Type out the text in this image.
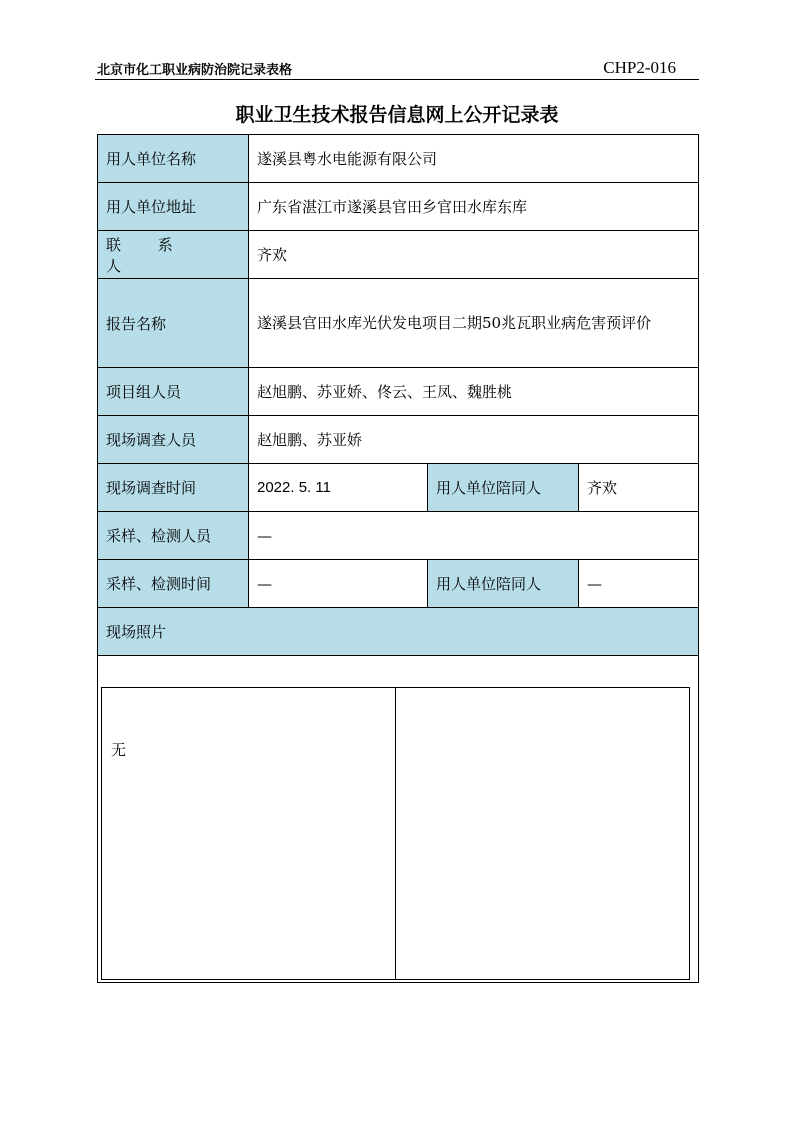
北京市化工职业病防治院记录表格	CHP2-016
职业卫生技术报告信息网上公开记录表
用人单位名称	遂溪县粤水电能源有限公司		
用人单位地址	广东省湛江市遂溪县官田乡官田水库东库		
联 系 人	齐欢		
报告名称	遂溪县官田水库光伏发电项目二期50兆瓦职业病危害预评价		
项目组人员	赵旭鹏、苏亚娇、佟云、王凤、魏胜桃		
现场调查人员	赵旭鹏、苏亚娇		
现场调查时间	2022. 5. 11	用人单位陪同人	齐欢
采样、检测人员	—		
采样、检测时间	—	用人单位陪同人	—
现场照片			

无			
